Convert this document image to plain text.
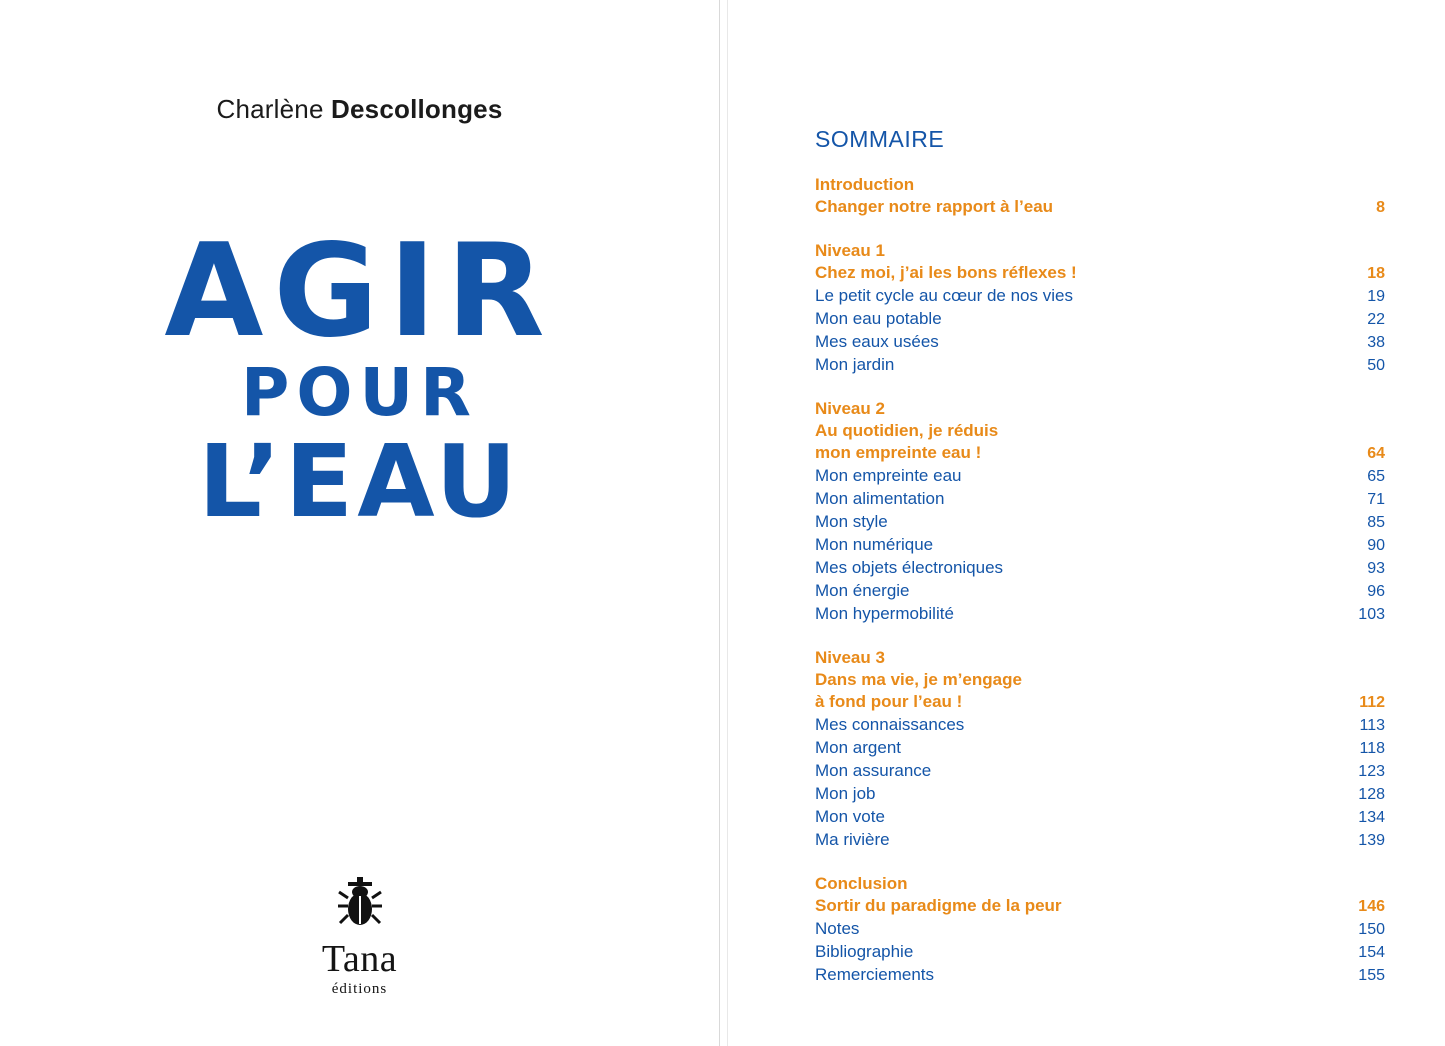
Charlène Descollonges
AGIR
POUR
L’EAU
Tana
éditions
SOMMAIRE
Introduction
Changer notre rapport à l’eau	8
Niveau 1
Chez moi, j’ai les bons réflexes !	18
Le petit cycle au cœur de nos vies	19
Mon eau potable	22
Mes eaux usées	38
Mon jardin	50
Niveau 2
Au quotidien, je réduis
mon empreinte eau !	64
Mon empreinte eau	65
Mon alimentation	71
Mon style	85
Mon numérique	90
Mes objets électroniques	93
Mon énergie	96
Mon hypermobilité	103
Niveau 3
Dans ma vie, je m’engage
à fond pour l’eau !	112
Mes connaissances	113
Mon argent	118
Mon assurance	123
Mon job	128
Mon vote	134
Ma rivière	139
Conclusion
Sortir du paradigme de la peur	146
Notes	150
Bibliographie	154
Remerciements	155
